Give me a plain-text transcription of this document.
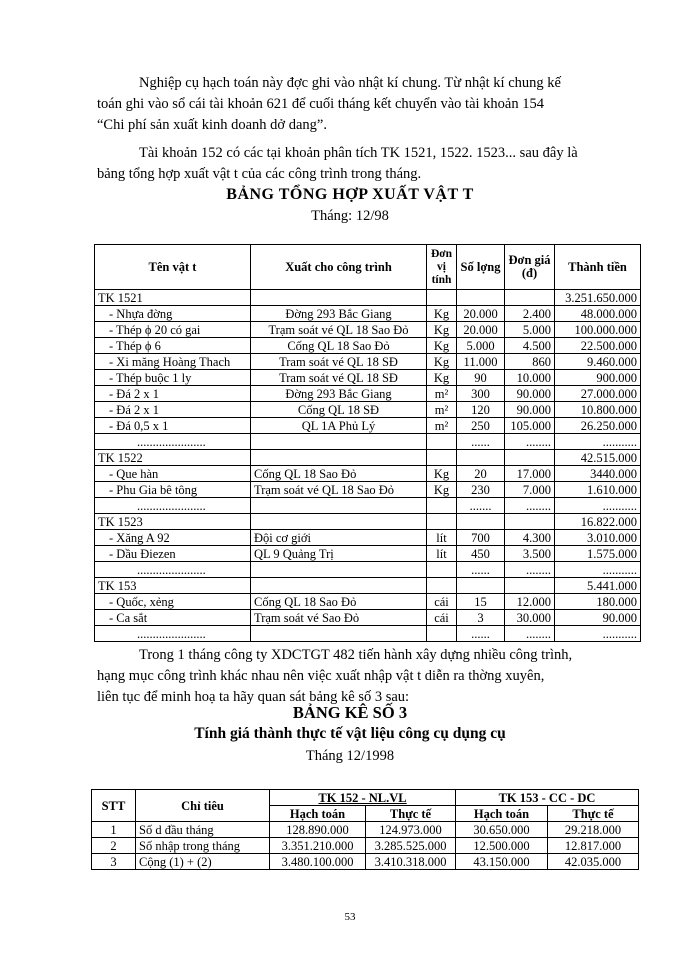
Nghiệp cụ hạch toán này đợc ghi vào nhật kí chung. Từ nhật kí chung kế
toán ghi vào sổ cái tài khoản 621 để cuối tháng kết chuyển vào tài khoản 154
“Chi phí sản xuất kinh doanh dở dang”.

Tài khoản 152 có các tại khoản phân tích TK 1521, 1522. 1523... sau đây là
bảng tổng hợp xuất vật t của các công trình trong tháng.

BẢNG TỔNG HỢP XUẤT VẬT T

Tháng: 12/98

Tên vật t	Xuất cho công trình	Đơn vị tính	Số lợng	Đơn giá (đ)	Thành tiền
TK 1521					3.251.650.000
- Nhựa đờng	Đờng 293 Bắc Giang	Kg	20.000	2.400	48.000.000
- Thép ϕ 20 có gai	Trạm soát vé QL 18 Sao Đỏ	Kg	20.000	5.000	100.000.000
- Thép ϕ 6	Cống QL 18 Sao Đỏ	Kg	5.000	4.500	22.500.000
- Xi măng Hoàng Thach	Tram soát vé QL 18 SĐ	Kg	11.000	860	9.460.000
- Thép buộc 1 ly	Tram soát vé QL 18 SĐ	Kg	90	10.000	900.000
- Đá 2 x 1	Đờng 293 Bắc Giang	m²	300	90.000	27.000.000
- Đá 2 x 1	Cống QL 18 SĐ	m²	120	90.000	10.800.000
- Đá 0,5 x 1	QL 1A Phủ Lý	m²	250	105.000	26.250.000
......................			......	........	...........
TK 1522					42.515.000
- Que hàn	Cống QL 18 Sao Đỏ	Kg	20	17.000	3440.000
- Phu Gia bê tông	Trạm soát vé QL 18 Sao Đỏ	Kg	230	7.000	1.610.000
......................			.......	........	...........
TK 1523					16.822.000
- Xăng A 92	Đội cơ giới	lít	700	4.300	3.010.000
- Dầu Điezen	QL 9 Quảng Trị	lít	450	3.500	1.575.000
......................			......	........	...........
TK 153					5.441.000
- Quốc, xẻng	Cống QL 18 Sao Đỏ	cái	15	12.000	180.000
- Ca sắt	Trạm soát vé Sao Đỏ	cái	3	30.000	90.000
......................			......	........	...........

Trong 1 tháng công ty XDCTGT 482 tiến hành xây dựng nhiều công trình,
hạng mục công trình khác nhau nên việc xuất nhập vật t diễn ra thờng xuyên,
liên tục để minh hoạ ta hãy quan sát bảng kê số 3 sau:

BẢNG KÊ SỐ 3

Tính giá thành thực tế vật liệu công cụ dụng cụ

Tháng 12/1998

STT	Chỉ tiêu	TK 152 - NL.VL		TK 153 - CC - DC	
		Hạch toán	Thực tế	Hạch toán	Thực tế
1	Số d đầu tháng	128.890.000	124.973.000	30.650.000	29.218.000
2	Số nhập trong tháng	3.351.210.000	3.285.525.000	12.500.000	12.817.000
3	Cộng (1) + (2)	3.480.100.000	3.410.318.000	43.150.000	42.035.000
53
